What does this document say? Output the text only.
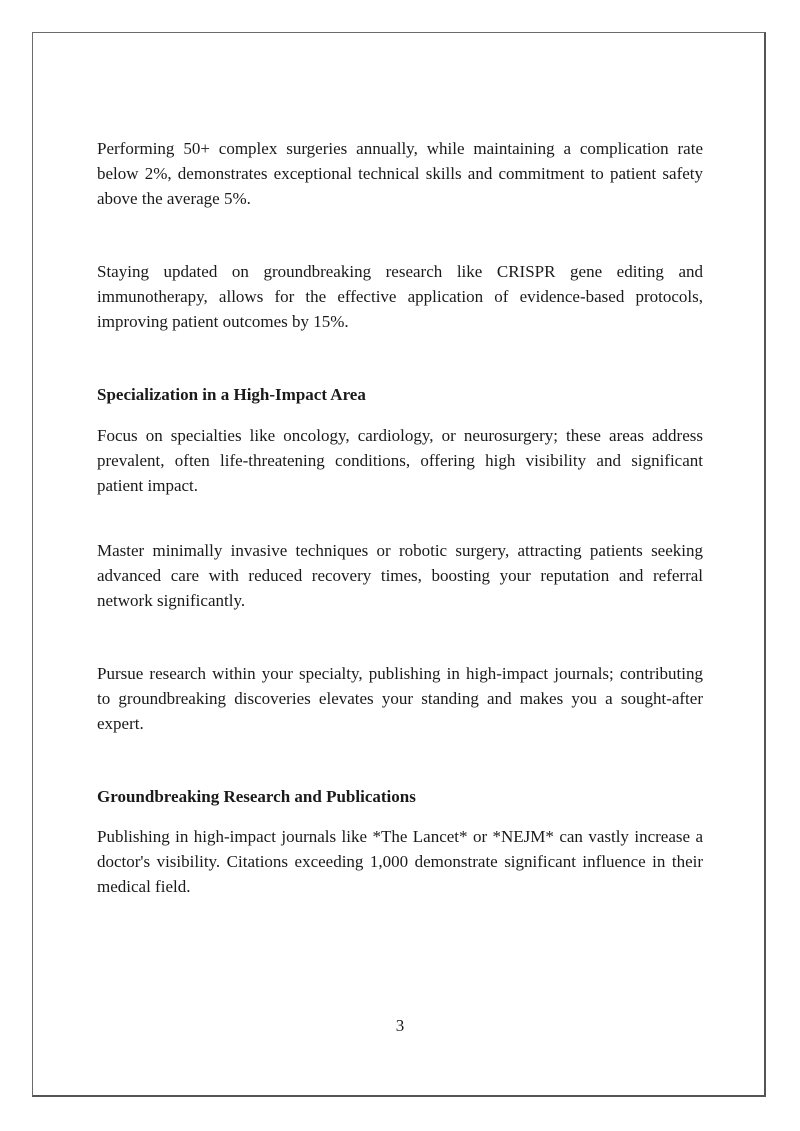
Performing 50+ complex surgeries annually, while maintaining a complication rate below 2%, demonstrates exceptional technical skills and commitment to patient safety above the average 5%.

Staying updated on groundbreaking research like CRISPR gene editing and immunotherapy, allows for the effective application of evidence-based protocols, improving patient outcomes by 15%.

Specialization in a High-Impact Area

Focus on specialties like oncology, cardiology, or neurosurgery; these areas address prevalent, often life-threatening conditions, offering high visibility and significant patient impact.

Master minimally invasive techniques or robotic surgery, attracting patients seeking advanced care with reduced recovery times, boosting your reputation and referral network significantly.

Pursue research within your specialty, publishing in high-impact journals; contributing to groundbreaking discoveries elevates your standing and makes you a sought-after expert.

Groundbreaking Research and Publications

Publishing in high-impact journals like *The Lancet* or *NEJM* can vastly increase a doctor's visibility. Citations exceeding 1,000 demonstrate significant influence in their medical field.

3
